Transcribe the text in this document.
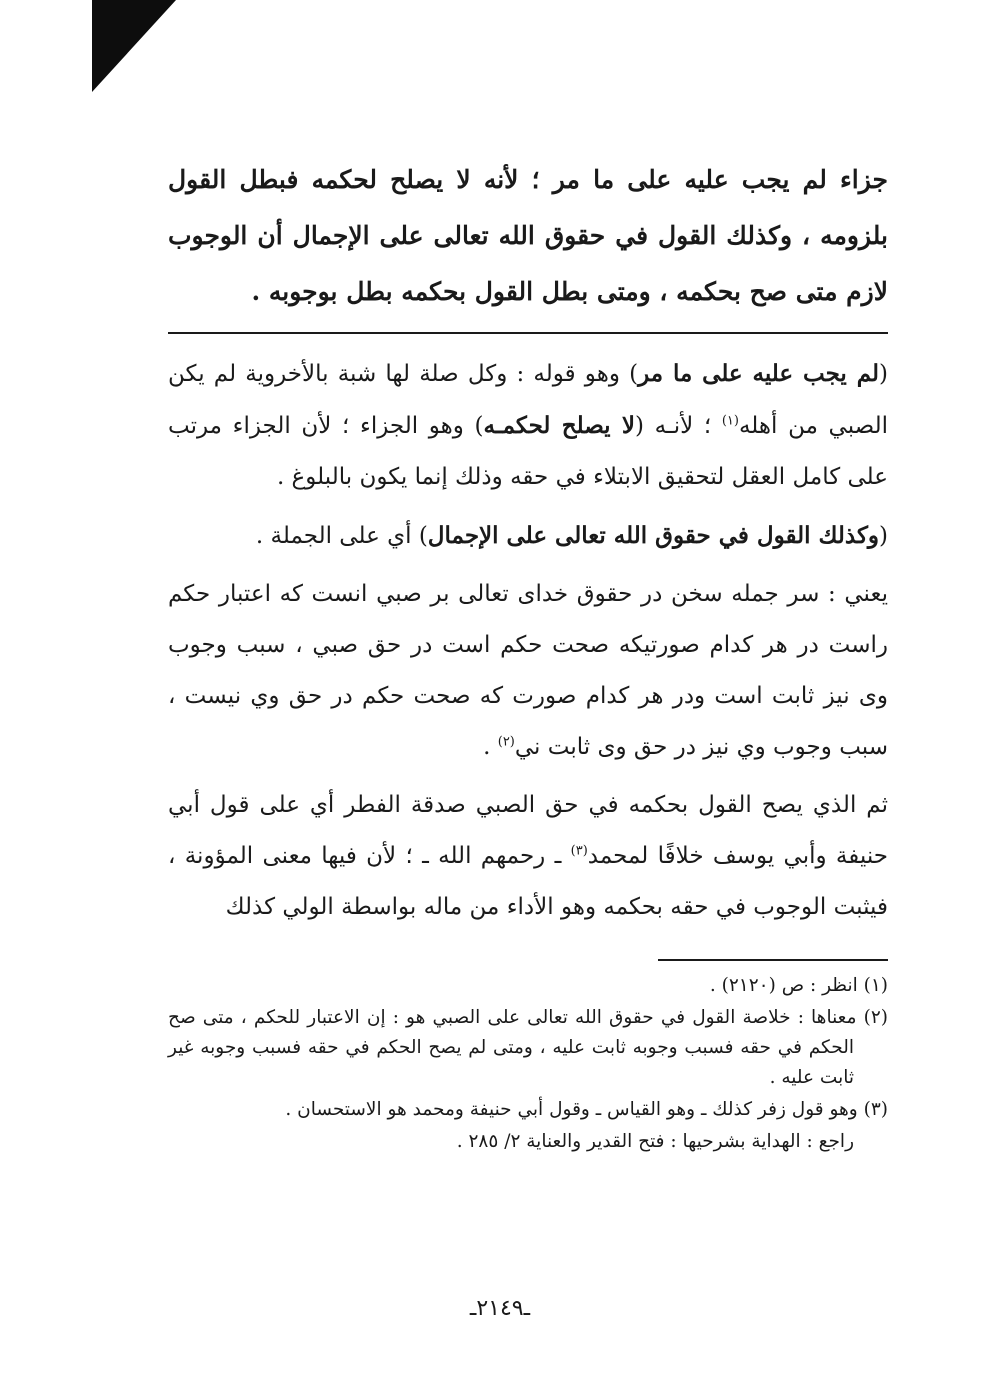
جزاء لم يجب عليه على ما مر ؛ لأنه لا يصلح لحكمه فبطل القول بلزومه ، وكذلك القول في حقوق الله تعالى على الإجمال أن الوجوب لازم متى صح بحكمه ، ومتى بطل القول بحكمه بطل بوجوبه .

(لم يجب عليه على ما مر) وهو قوله : وكل صلة لها شبة بالأخروية لم يكن الصبي من أهله$^{(١)}$ ؛ لأنـه (لا يصلح لحكمـه) وهو الجزاء ؛ لأن الجزاء مرتب على كامل العقل لتحقيق الابتلاء في حقه وذلك إنما يكون بالبلوغ .

(وكذلك القول في حقوق الله تعالى على الإجمال) أي على الجملة .

يعني : سر جمله سخن در حقوق خداى تعالى بر صبي انست كه اعتبار حكم راست در هر كدام صورتيكه صحت حكم است در حق صبي ، سبب وجوب وى نيز ثابت است ودر هر كدام صورت كه صحت حكم در حق وي نيست ، سبب وجوب وي نيز در حق وى ثابت ني$^{(٢)}$ .

ثم الذي يصح القول بحكمه في حق الصبي صدقة الفطر أي على قول أبي حنيفة وأبي يوسف خلافًا لمحمد$^{(٣)}$ ـ رحمهم الله ـ ؛ لأن فيها معنى المؤونة ، فيثبت الوجوب في حقه بحكمه وهو الأداء من ماله بواسطة الولي كذلك

(١) انظر : ص (٢١٢٠) .
(٢) معناها : خلاصة القول في حقوق الله تعالى على الصبي هو : إن الاعتبار للحكم ، متى صح الحكم في حقه فسبب وجوبه ثابت عليه ، ومتى لم يصح الحكم في حقه فسبب وجوبه غير ثابت عليه .
(٣) وهو قول زفر كذلك ـ وهو القياس ـ وقول أبي حنيفة ومحمد هو الاستحسان .
راجع : الهداية بشرحيها : فتح القدير والعناية ٢/ ٢٨٥ .
ـ٢١٤٩ـ
